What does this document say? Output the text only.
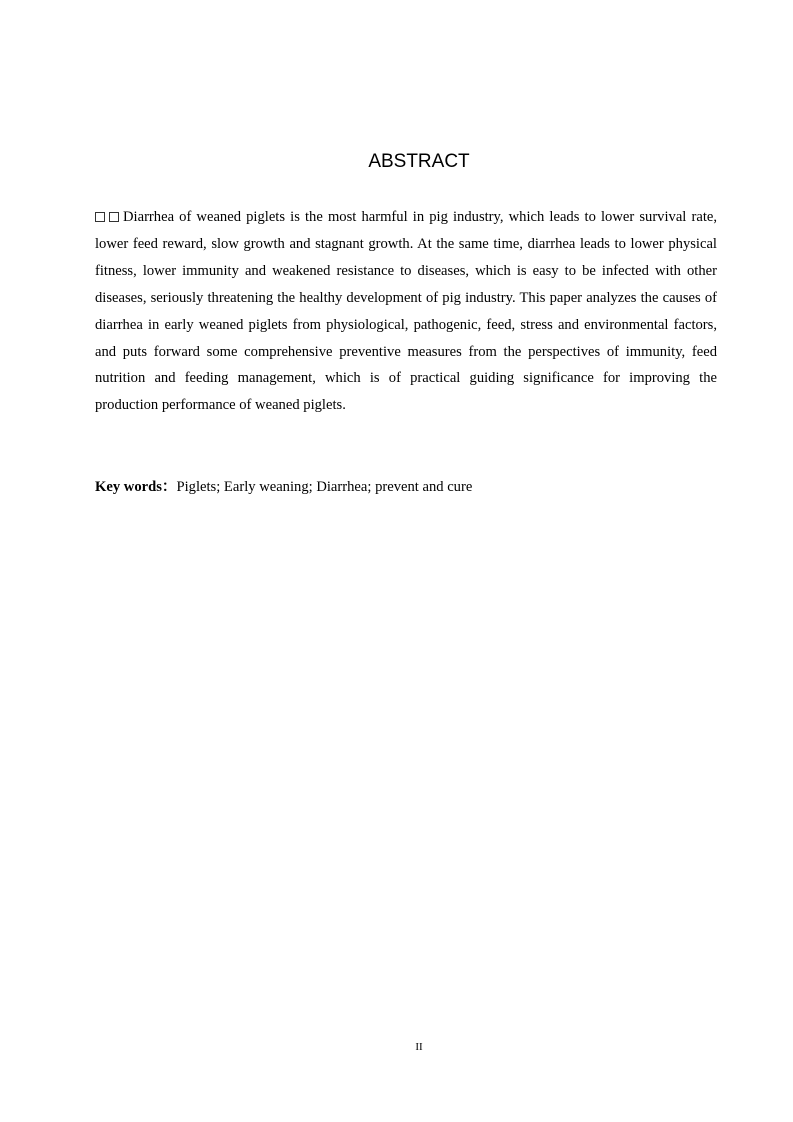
ABSTRACT

Diarrhea of weaned piglets is the most harmful in pig industry, which leads to lower survival rate, lower feed reward, slow growth and stagnant growth. At the same time, diarrhea leads to lower physical fitness, lower immunity and weakened resistance to diseases, which is easy to be infected with other diseases, seriously threatening the healthy development of pig industry. This paper analyzes the causes of diarrhea in early weaned piglets from physiological, pathogenic, feed, stress and environmental factors, and puts forward some comprehensive preventive measures from the perspectives of immunity, feed nutrition and feeding management, which is of practical guiding significance for improving the production performance of weaned piglets.

Key words：Piglets; Early weaning; Diarrhea; prevent and cure

II
